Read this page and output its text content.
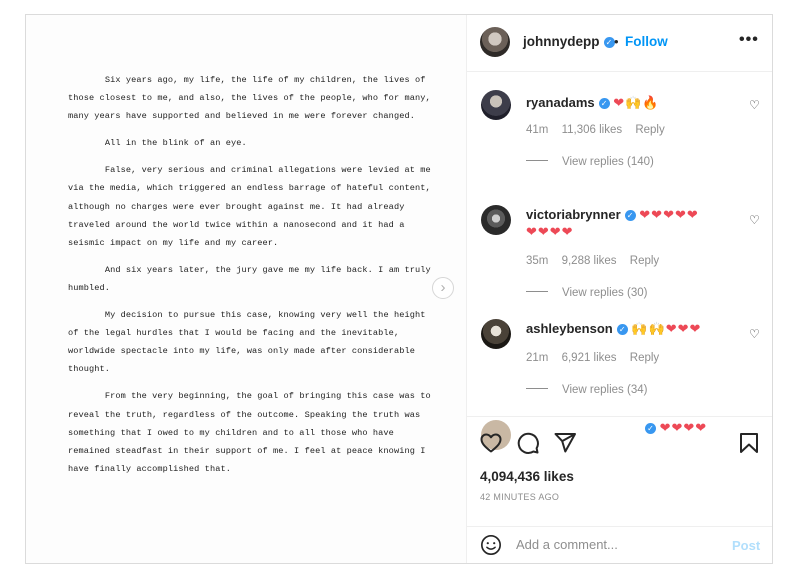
Six years ago, my life, the life of my children, the lives of those closest to me, and also, the lives of the people, who for many, many years have supported and believed in me were forever changed.

All in the blink of an eye.

False, very serious and criminal allegations were levied at me via the media, which triggered an endless barrage of hateful content, although no charges were ever brought against me. It had already traveled around the world twice within a nanosecond and it had a seismic impact on my life and my career.

And six years later, the jury gave me my life back. I am truly humbled.

My decision to pursue this case, knowing very well the height of the legal hurdles that I would be facing and the inevitable, worldwide spectacle into my life, was only made after considerable thought.

From the very beginning, the goal of bringing this case was to reveal the truth, regardless of the outcome. Speaking the truth was something that I owed to my children and to all those who have remained steadfast in their support of me. I feel at peace knowing I have finally accomplished that.

›
johnnydepp ✓ • Follow	•••
ryanadams ✓ ❤🙌🔥
41m 11,306 likes Reply
View replies (140)
♡
victoriabrynner ✓ ❤❤❤❤❤
❤❤❤❤
35m 9,288 likes Reply
View replies (30)
♡
ashleybenson ✓ 🙌🙌❤❤❤
21m 6,921 likes Reply
View replies (34)
♡
✓ ❤❤❤❤
4,094,436 likes
42 MINUTES AGO
Add a comment...
Post
